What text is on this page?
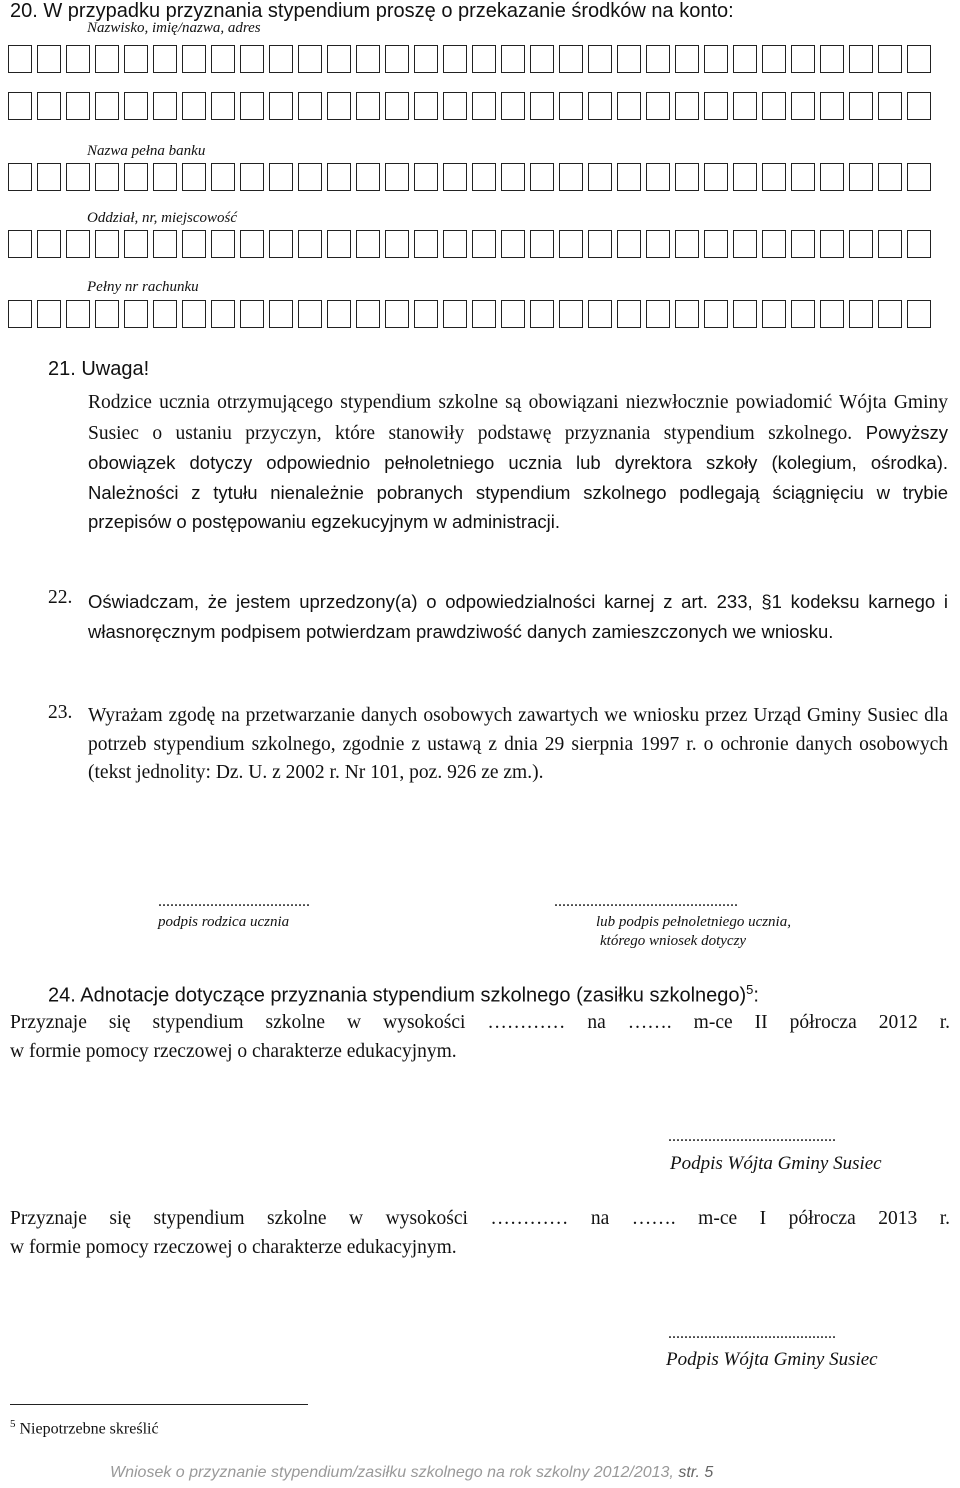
20. W przypadku przyznania stypendium proszę o przekazanie środków na konto:
Nazwisko, imię/nazwa, adres
Nazwa pełna banku
Oddział, nr, miejscowość
Pełny nr rachunku
21. Uwaga!
Rodzice ucznia otrzymującego stypendium szkolne są obowiązani niezwłocznie powiadomić Wójta Gminy Susiec o ustaniu przyczyn, które stanowiły podstawę przyznania stypendium szkolnego. Powyższy obowiązek dotyczy odpowiednio pełnoletniego ucznia lub dyrektora szkoły (kolegium, ośrodka). Należności z tytułu nienależnie pobranych stypendium szkolnego podlegają ściągnięciu w trybie przepisów o postępowaniu egzekucyjnym w administracji.
22. Oświadczam, że jestem uprzedzony(a) o odpowiedzialności karnej z art. 233, §1 kodeksu karnego i własnoręcznym podpisem potwierdzam prawdziwość danych zamieszczonych we wniosku.
23. Wyrażam zgodę na przetwarzanie danych osobowych zawartych we wniosku przez Urząd Gminy Susiec dla potrzeb stypendium szkolnego, zgodnie z ustawą z dnia 29 sierpnia 1997 r. o ochronie danych osobowych (tekst jednolity: Dz. U. z 2002 r. Nr 101, poz. 926 ze zm.).
......................................
podpis rodzica ucznia
..............................................
lub podpis pełnoletniego ucznia,
którego wniosek dotyczy
24. Adnotacje dotyczące przyznania stypendium szkolnego (zasiłku szkolnego)$^5$:
Przyznaje się stypendium szkolne w wysokości ………… na ……. m-ce II półrocza 2012 r.
w formie pomocy rzeczowej o charakterze edukacyjnym.
..........................................
Podpis Wójta Gminy Susiec
Przyznaje się stypendium szkolne w wysokości ………… na ……. m-ce I półrocza 2013 r.
w formie pomocy rzeczowej o charakterze edukacyjnym.
..........................................
Podpis Wójta Gminy Susiec
$^5$ Niepotrzebne skreślić
Wniosek o przyznanie stypendium/zasiłku szkolnego na rok szkolny 2012/2013, str. 5
